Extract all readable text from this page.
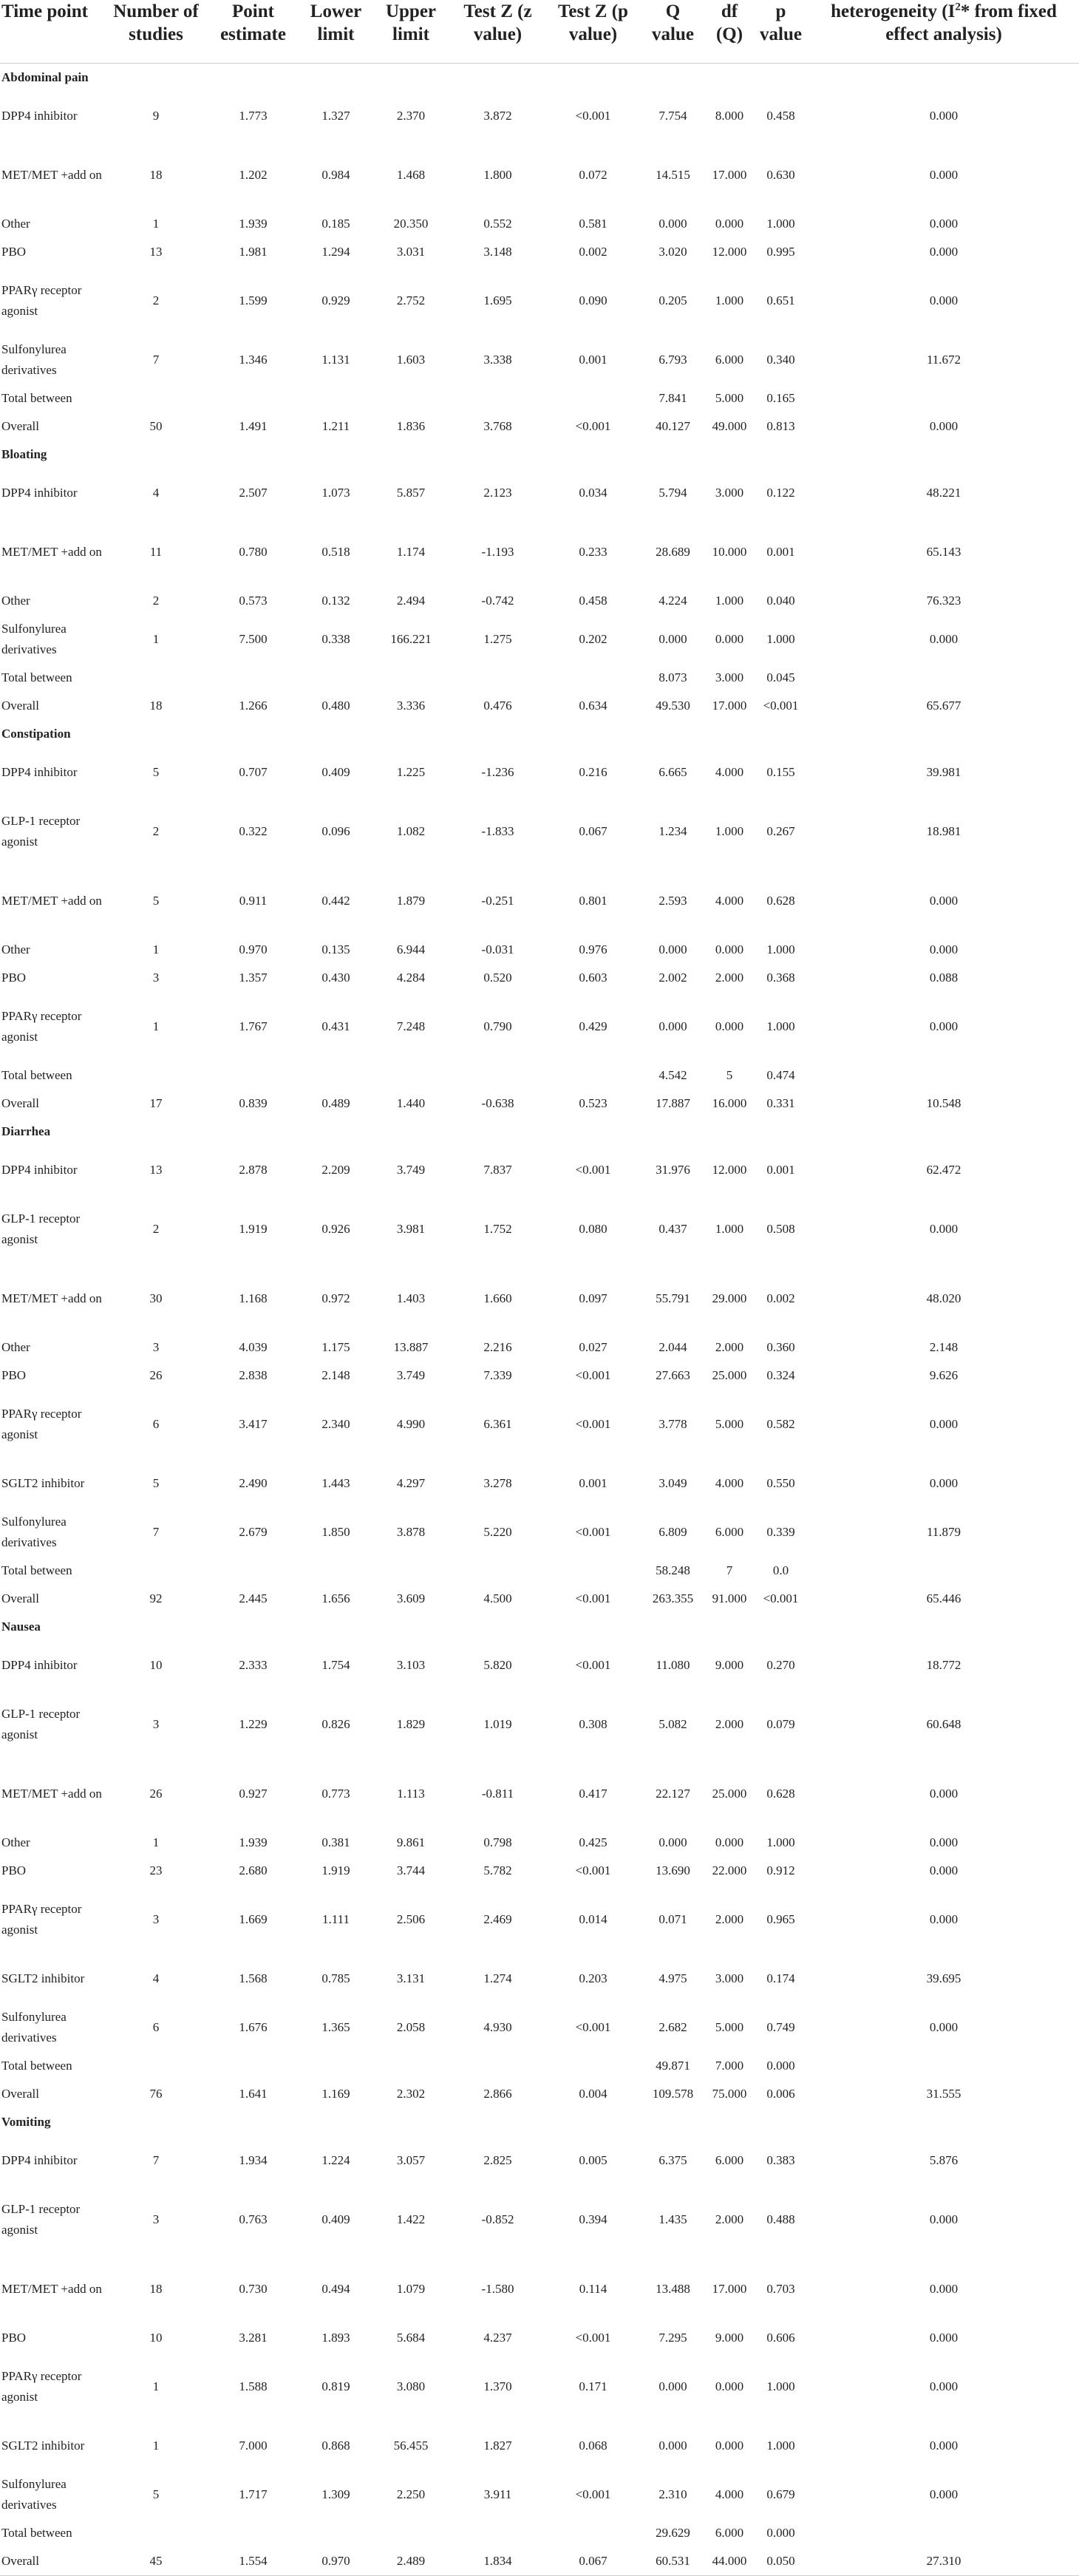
Time point	Number of studies	Point estimate	Lower limit	Upper limit	Test Z (z value)	Test Z (p value)	Q value	df (Q)	p value	heterogeneity ($I^2*$ from fixed effect analysis)
Abdominal pain										
DPP4 inhibitor	9	1.773	1.327	2.370	3.872	<0.001	7.754	8.000	0.458	0.000
MET/MET +add on	18	1.202	0.984	1.468	1.800	0.072	14.515	17.000	0.630	0.000
Other	1	1.939	0.185	20.350	0.552	0.581	0.000	0.000	1.000	0.000
PBO	13	1.981	1.294	3.031	3.148	0.002	3.020	12.000	0.995	0.000
PPARγ receptor agonist	2	1.599	0.929	2.752	1.695	0.090	0.205	1.000	0.651	0.000
Sulfonylurea derivatives	7	1.346	1.131	1.603	3.338	0.001	6.793	6.000	0.340	11.672
Total between							7.841	5.000	0.165	
Overall	50	1.491	1.211	1.836	3.768	<0.001	40.127	49.000	0.813	0.000
Bloating										
DPP4 inhibitor	4	2.507	1.073	5.857	2.123	0.034	5.794	3.000	0.122	48.221
MET/MET +add on	11	0.780	0.518	1.174	-1.193	0.233	28.689	10.000	0.001	65.143
Other	2	0.573	0.132	2.494	-0.742	0.458	4.224	1.000	0.040	76.323
Sulfonylurea derivatives	1	7.500	0.338	166.221	1.275	0.202	0.000	0.000	1.000	0.000
Total between							8.073	3.000	0.045	
Overall	18	1.266	0.480	3.336	0.476	0.634	49.530	17.000	<0.001	65.677
Constipation										
DPP4 inhibitor	5	0.707	0.409	1.225	-1.236	0.216	6.665	4.000	0.155	39.981
GLP-1 receptor agonist	2	0.322	0.096	1.082	-1.833	0.067	1.234	1.000	0.267	18.981
MET/MET +add on	5	0.911	0.442	1.879	-0.251	0.801	2.593	4.000	0.628	0.000
Other	1	0.970	0.135	6.944	-0.031	0.976	0.000	0.000	1.000	0.000
PBO	3	1.357	0.430	4.284	0.520	0.603	2.002	2.000	0.368	0.088
PPARγ receptor agonist	1	1.767	0.431	7.248	0.790	0.429	0.000	0.000	1.000	0.000
Total between							4.542	5	0.474	
Overall	17	0.839	0.489	1.440	-0.638	0.523	17.887	16.000	0.331	10.548
Diarrhea										
DPP4 inhibitor	13	2.878	2.209	3.749	7.837	<0.001	31.976	12.000	0.001	62.472
GLP-1 receptor agonist	2	1.919	0.926	3.981	1.752	0.080	0.437	1.000	0.508	0.000
MET/MET +add on	30	1.168	0.972	1.403	1.660	0.097	55.791	29.000	0.002	48.020
Other	3	4.039	1.175	13.887	2.216	0.027	2.044	2.000	0.360	2.148
PBO	26	2.838	2.148	3.749	7.339	<0.001	27.663	25.000	0.324	9.626
PPARγ receptor agonist	6	3.417	2.340	4.990	6.361	<0.001	3.778	5.000	0.582	0.000
SGLT2 inhibitor	5	2.490	1.443	4.297	3.278	0.001	3.049	4.000	0.550	0.000
Sulfonylurea derivatives	7	2.679	1.850	3.878	5.220	<0.001	6.809	6.000	0.339	11.879
Total between							58.248	7	0.0	
Overall	92	2.445	1.656	3.609	4.500	<0.001	263.355	91.000	<0.001	65.446
Nausea										
DPP4 inhibitor	10	2.333	1.754	3.103	5.820	<0.001	11.080	9.000	0.270	18.772
GLP-1 receptor agonist	3	1.229	0.826	1.829	1.019	0.308	5.082	2.000	0.079	60.648
MET/MET +add on	26	0.927	0.773	1.113	-0.811	0.417	22.127	25.000	0.628	0.000
Other	1	1.939	0.381	9.861	0.798	0.425	0.000	0.000	1.000	0.000
PBO	23	2.680	1.919	3.744	5.782	<0.001	13.690	22.000	0.912	0.000
PPARγ receptor agonist	3	1.669	1.111	2.506	2.469	0.014	0.071	2.000	0.965	0.000
SGLT2 inhibitor	4	1.568	0.785	3.131	1.274	0.203	4.975	3.000	0.174	39.695
Sulfonylurea derivatives	6	1.676	1.365	2.058	4.930	<0.001	2.682	5.000	0.749	0.000
Total between							49.871	7.000	0.000	
Overall	76	1.641	1.169	2.302	2.866	0.004	109.578	75.000	0.006	31.555
Vomiting										
DPP4 inhibitor	7	1.934	1.224	3.057	2.825	0.005	6.375	6.000	0.383	5.876
GLP-1 receptor agonist	3	0.763	0.409	1.422	-0.852	0.394	1.435	2.000	0.488	0.000
MET/MET +add on	18	0.730	0.494	1.079	-1.580	0.114	13.488	17.000	0.703	0.000
PBO	10	3.281	1.893	5.684	4.237	<0.001	7.295	9.000	0.606	0.000
PPARγ receptor agonist	1	1.588	0.819	3.080	1.370	0.171	0.000	0.000	1.000	0.000
SGLT2 inhibitor	1	7.000	0.868	56.455	1.827	0.068	0.000	0.000	1.000	0.000
Sulfonylurea derivatives	5	1.717	1.309	2.250	3.911	<0.001	2.310	4.000	0.679	0.000
Total between							29.629	6.000	0.000	
Overall	45	1.554	0.970	2.489	1.834	0.067	60.531	44.000	0.050	27.310
